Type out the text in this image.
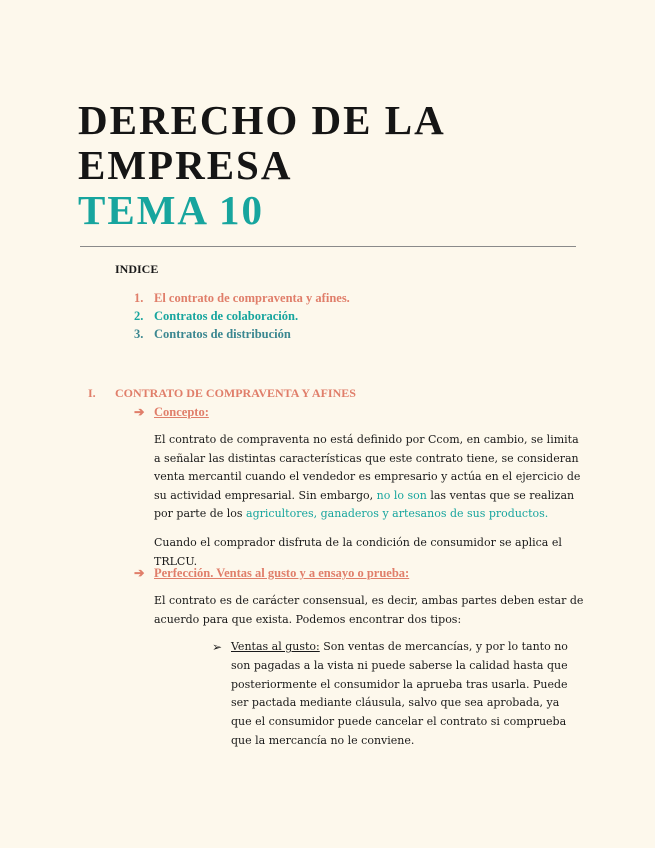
DERECHO DE LA
EMPRESA
TEMA 10
INDICE
1. El contrato de compraventa y afines.
2. Contratos de colaboración.
3. Contratos de distribución
I. CONTRATO DE COMPRAVENTA Y AFINES
➔ Concepto:

El contrato de compraventa no está definido por Ccom, en cambio, se limita a señalar las distintas características que este contrato tiene, se consideran venta mercantil cuando el vendedor es empresario y actúa en el ejercicio de su actividad empresarial. Sin embargo, no lo son las ventas que se realizan por parte de los agricultores, ganaderos y artesanos de sus productos.

Cuando el comprador disfruta de la condición de consumidor se aplica el TRLCU.

➔ Perfección. Ventas al gusto y a ensayo o prueba:

El contrato es de carácter consensual, es decir, ambas partes deben estar de acuerdo para que exista. Podemos encontrar dos tipos:

➢ Ventas al gusto: Son ventas de mercancías, y por lo tanto no son pagadas a la vista ni puede saberse la calidad hasta que posteriormente el consumidor la aprueba tras usarla. Puede ser pactada mediante cláusula, salvo que sea aprobada, ya que el consumidor puede cancelar el contrato si comprueba que la mercancía no le conviene.
